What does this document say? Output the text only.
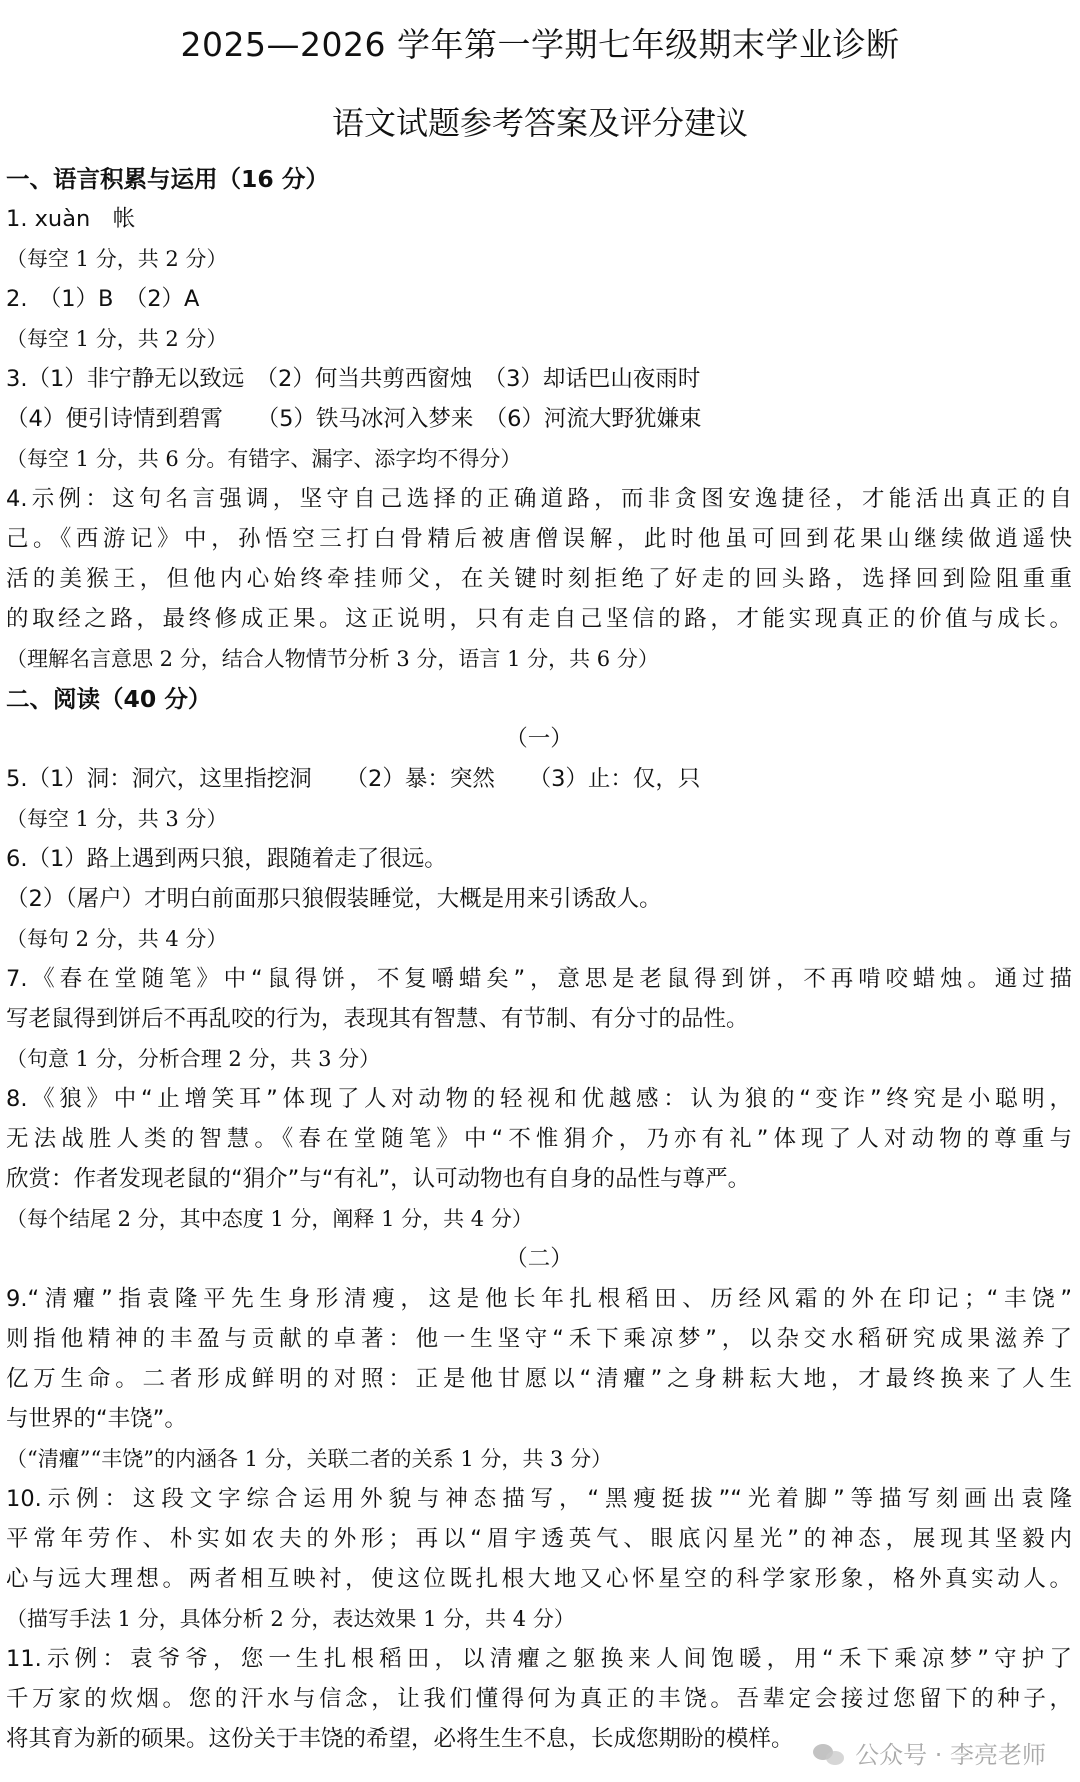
2025—2026 学年第一学期七年级期末学业诊断
语文试题参考答案及评分建议
一、语言积累与运用（16 分）
1. xuàn　帐
（每空 1 分，共 2 分）
2.　（1）B　（2）A
（每空 1 分，共 2 分）
3.（1）非宁静无以致远　（2）何当共剪西窗烛　（3）却话巴山夜雨时
（4）便引诗情到碧霄　　（5）铁马冰河入梦来　（6）河流大野犹嫌束
（每空 1 分，共 6 分。有错字、漏字、添字均不得分）
4.示例：这句名言强调，坚守自己选择的正确道路，而非贪图安逸捷径，才能活出真正的自
己。《西游记》中，孙悟空三打白骨精后被唐僧误解，此时他虽可回到花果山继续做逍遥快
活的美猴王，但他内心始终牵挂师父，在关键时刻拒绝了好走的回头路，选择回到险阻重重
的取经之路，最终修成正果。这正说明，只有走自己坚信的路，才能实现真正的价值与成长。
（理解名言意思 2 分，结合人物情节分析 3 分，语言 1 分，共 6 分）
二、阅读（40 分）
（一）
5.（1）洞：洞穴，这里指挖洞　　（2）暴：突然　　（3）止：仅，只
（每空 1 分，共 3 分）
6.（1）路上遇到两只狼，跟随着走了很远。
（2）（屠户）才明白前面那只狼假装睡觉，大概是用来引诱敌人。
（每句 2 分，共 4 分）
7.《春在堂随笔》中“鼠得饼，不复嚼蜡矣”，意思是老鼠得到饼，不再啃咬蜡烛。通过描
写老鼠得到饼后不再乱咬的行为，表现其有智慧、有节制、有分寸的品性。
（句意 1 分，分析合理 2 分，共 3 分）
8.《狼》中“止增笑耳”体现了人对动物的轻视和优越感：认为狼的“变诈”终究是小聪明，
无法战胜人类的智慧。《春在堂随笔》中“不惟狷介，乃亦有礼”体现了人对动物的尊重与
欣赏：作者发现老鼠的“狷介”与“有礼”，认可动物也有自身的品性与尊严。
（每个结尾 2 分，其中态度 1 分，阐释 1 分，共 4 分）
（二）
9.“清癯”指袁隆平先生身形清瘦，这是他长年扎根稻田、历经风霜的外在印记；“丰饶”
则指他精神的丰盈与贡献的卓著：他一生坚守“禾下乘凉梦”，以杂交水稻研究成果滋养了
亿万生命。二者形成鲜明的对照：正是他甘愿以“清癯”之身耕耘大地，才最终换来了人生
与世界的“丰饶”。
（“清癯”“丰饶”的内涵各 1 分，关联二者的关系 1 分，共 3 分）
10.示例：这段文字综合运用外貌与神态描写，“黑瘦挺拔”“光着脚”等描写刻画出袁隆
平常年劳作、朴实如农夫的外形；再以“眉宇透英气、眼底闪星光”的神态，展现其坚毅内
心与远大理想。两者相互映衬，使这位既扎根大地又心怀星空的科学家形象，格外真实动人。
（描写手法 1 分，具体分析 2 分，表达效果 1 分，共 4 分）
11.示例：袁爷爷，您一生扎根稻田，以清癯之躯换来人间饱暖，用“禾下乘凉梦”守护了
千万家的炊烟。您的汗水与信念，让我们懂得何为真正的丰饶。吾辈定会接过您留下的种子，
将其育为新的硕果。这份关于丰饶的希望，必将生生不息，长成您期盼的模样。
公众号 · 李亮老师
